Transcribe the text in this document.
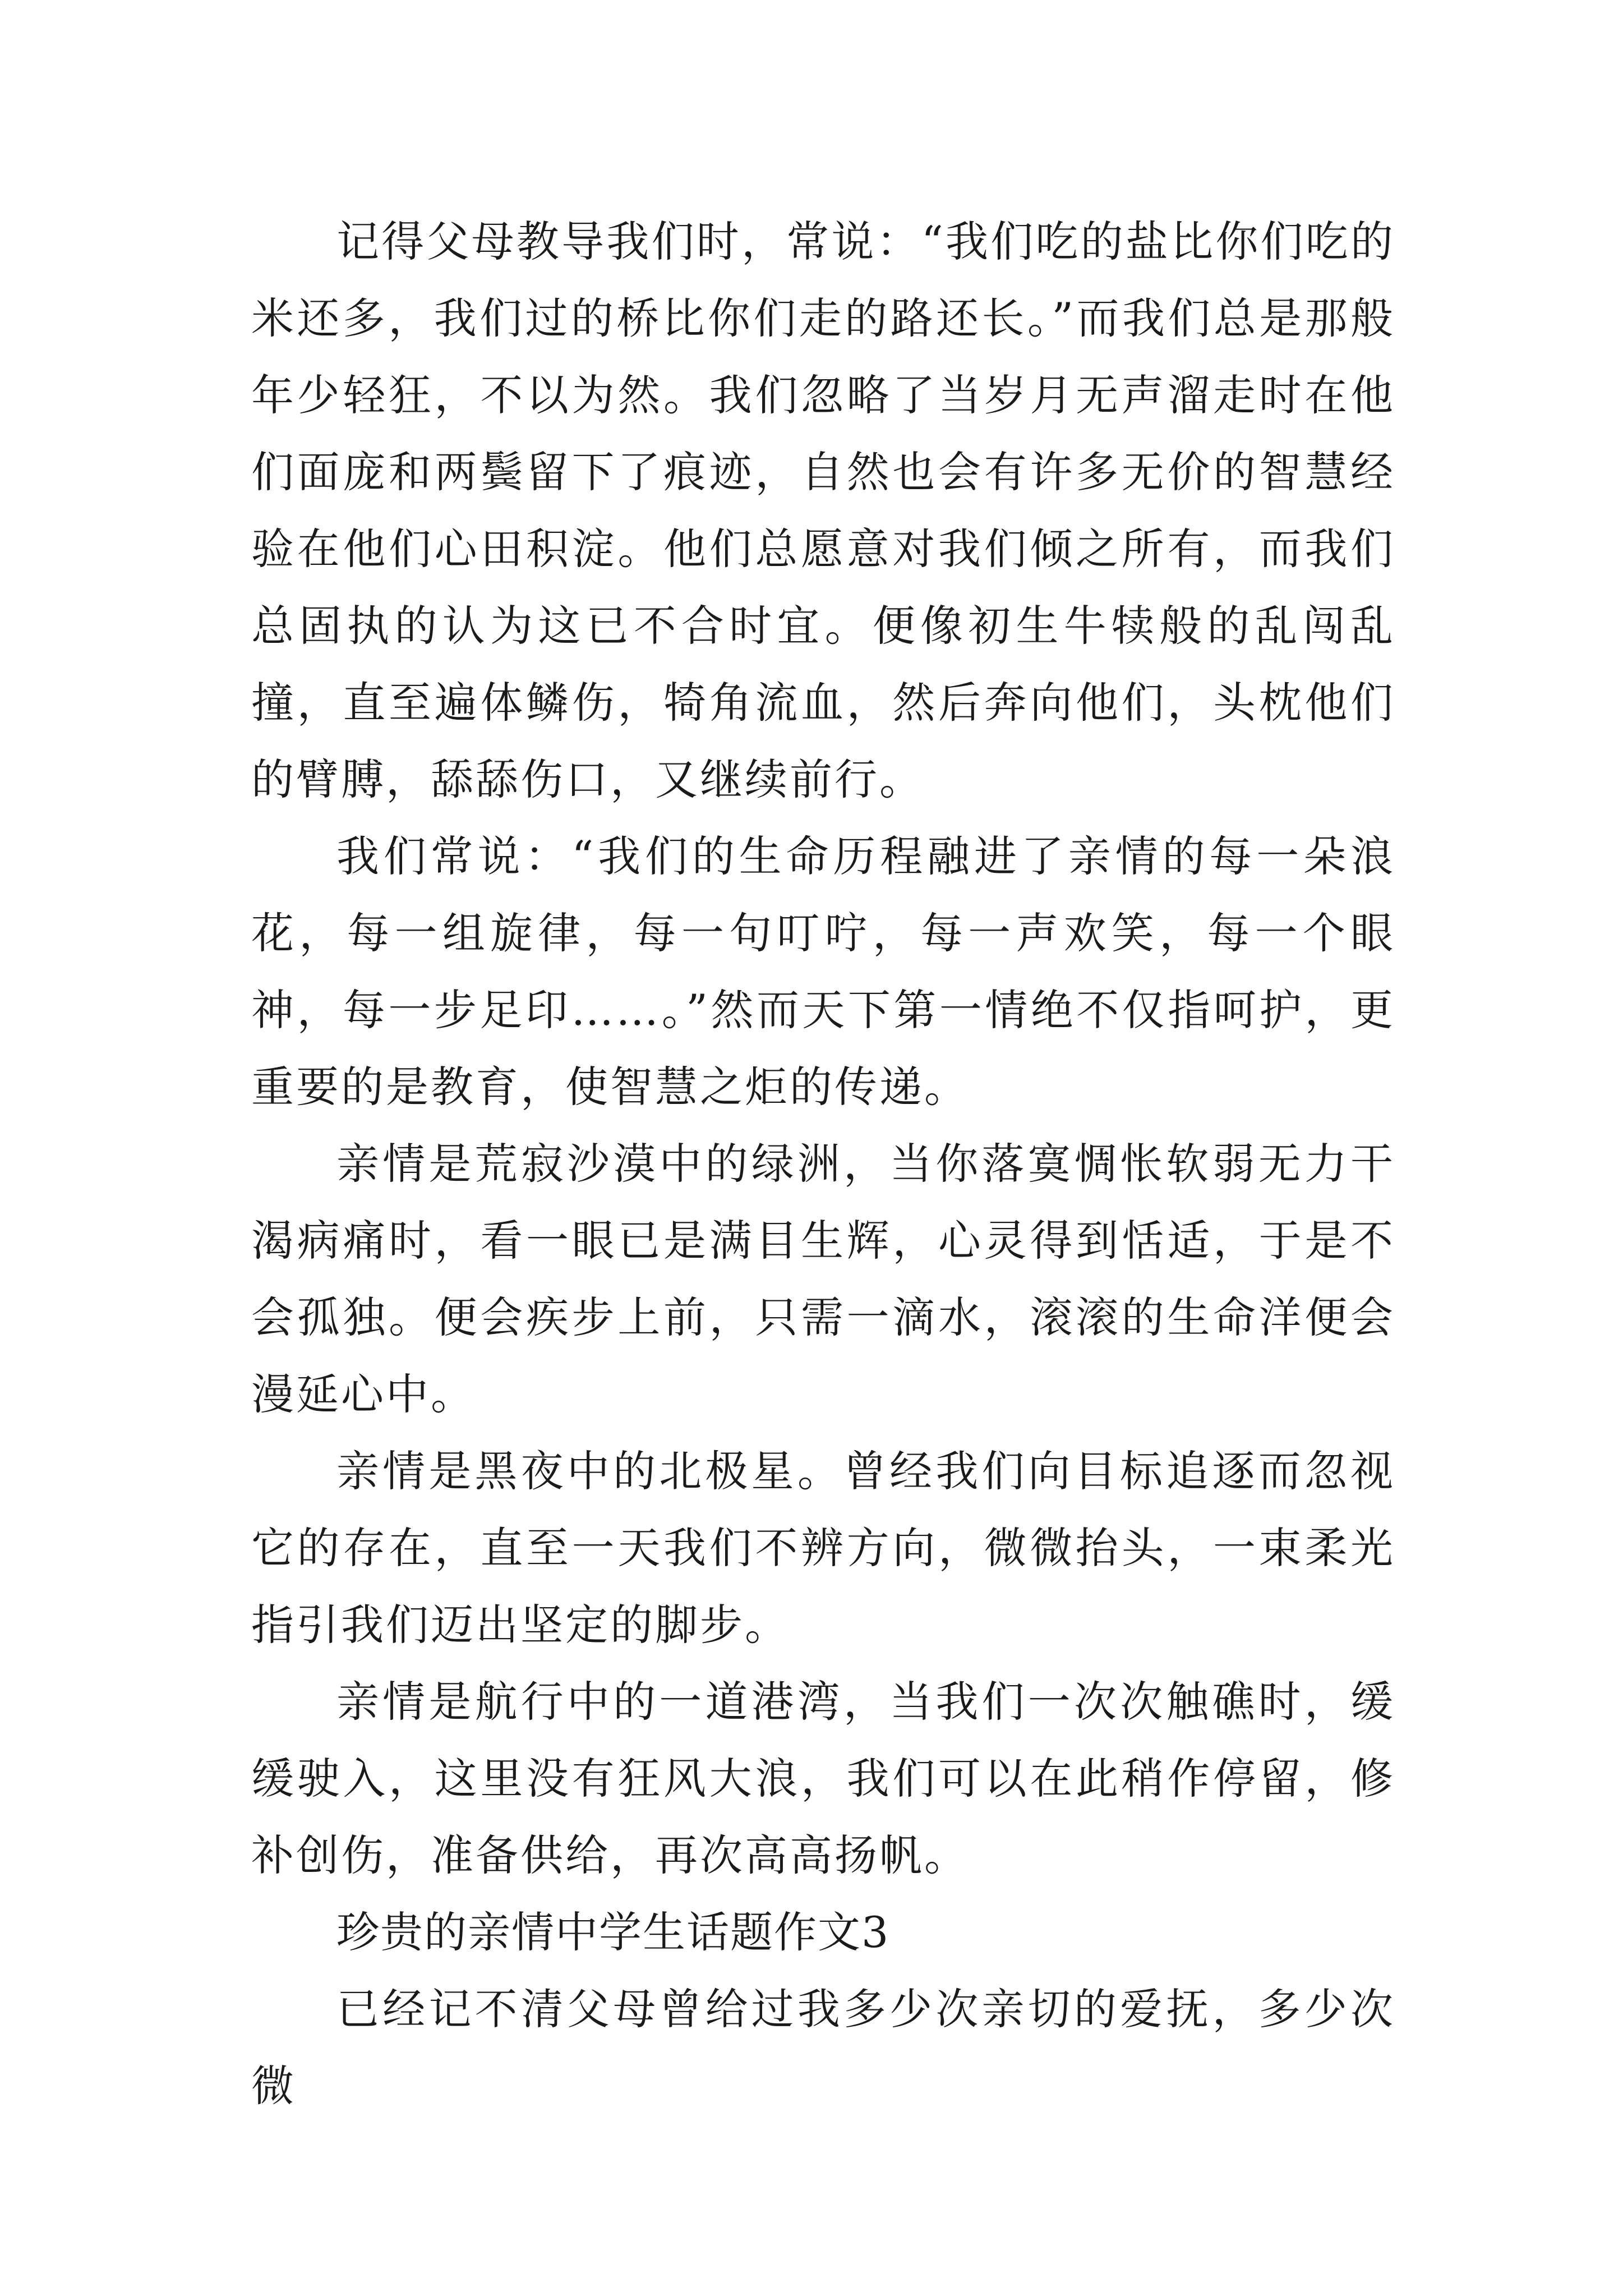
记得父母教导我们时，常说：“我们吃的盐比你们吃的米还多，我们过的桥比你们走的路还长。”而我们总是那般年少轻狂，不以为然。我们忽略了当岁月无声溜走时在他们面庞和两鬓留下了痕迹，自然也会有许多无价的智慧经验在他们心田积淀。他们总愿意对我们倾之所有，而我们总固执的认为这已不合时宜。便像初生牛犊般的乱闯乱撞，直至遍体鳞伤，犄角流血，然后奔向他们，头枕他们的臂膊，舔舔伤口，又继续前行。

我们常说：“我们的生命历程融进了亲情的每一朵浪花，每一组旋律，每一句叮咛，每一声欢笑，每一个眼神，每一步足印……。”然而天下第一情绝不仅指呵护，更重要的是教育，使智慧之炬的传递。

亲情是荒寂沙漠中的绿洲，当你落寞惆怅软弱无力干渴病痛时，看一眼已是满目生辉，心灵得到恬适，于是不会孤独。便会疾步上前，只需一滴水，滚滚的生命洋便会漫延心中。

亲情是黑夜中的北极星。曾经我们向目标追逐而忽视它的存在，直至一天我们不辨方向，微微抬头，一束柔光指引我们迈出坚定的脚步。

亲情是航行中的一道港湾，当我们一次次触礁时，缓缓驶入，这里没有狂风大浪，我们可以在此稍作停留，修补创伤，准备供给，再次高高扬帆。

珍贵的亲情中学生话题作文3

已经记不清父母曾给过我多少次亲切的爱抚，多少次微
